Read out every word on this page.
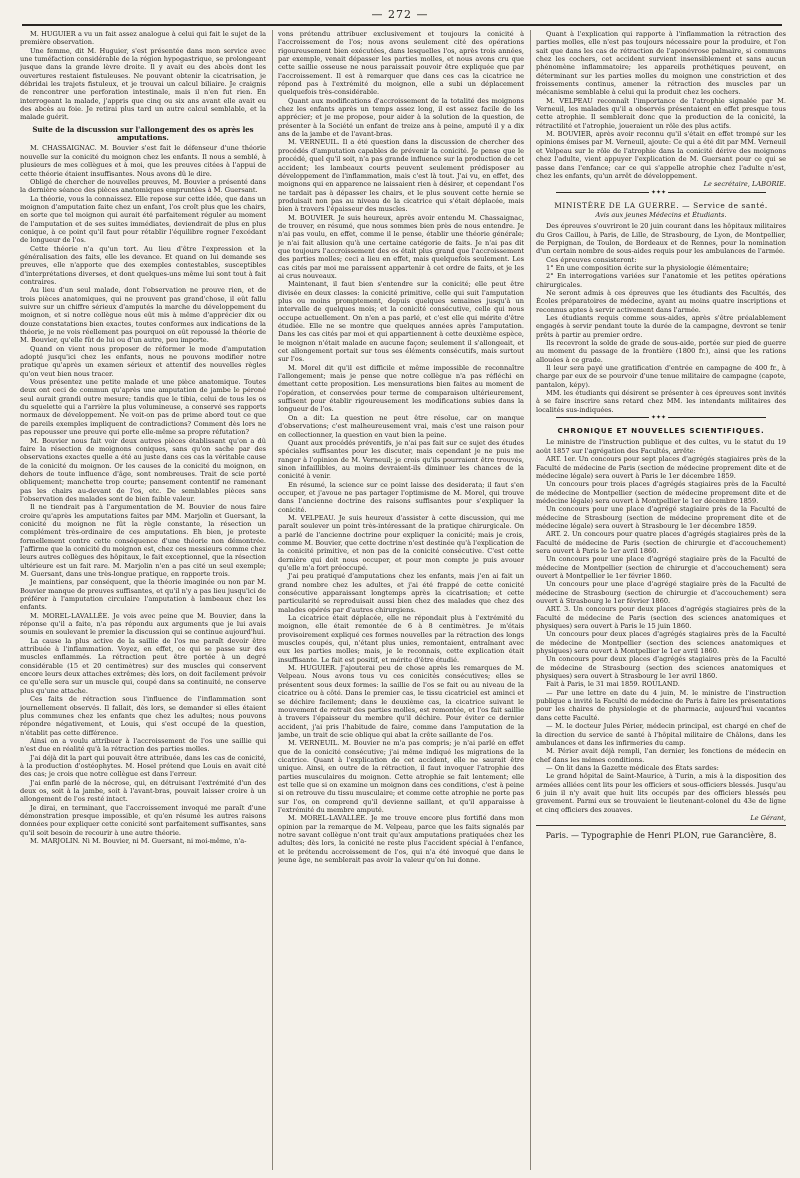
— 272 —

M. HUGUIER a vu un fait assez analogue à celui qui fait le sujet de la première observation.

Une femme, dit M. Huguier, s'est présentée dans mon service avec une tuméfaction considérable de la région hypogastrique, se prolongeant jusque dans la grande lèvre droite. Il y avait eu des abcès dont les ouvertures restaient fistuleuses. Ne pouvant obtenir la cicatrisation, je débridai les trajets fistuleux, et je trouvai un calcul biliaire. Je craignis de rencontrer une perforation intestinale, mais il n'en fut rien. En interrogeant la malade, j'appris que cinq ou six ans avant elle avait eu des abcès au foie. Je retirai plus tard un autre calcul semblable, et la malade guérit.

Suite de la discussion sur l'allongement des os après les amputations.

M. CHASSAIGNAC. M. Bouvier s'est fait le défenseur d'une théorie nouvelle sur la conicité du moignon chez les enfants. Il nous a semblé, à plusieurs de mes collègues et à moi, que les preuves citées à l'appui de cette théorie étaient insuffisantes. Nous avons dû le dire.

Obligé de chercher de nouvelles preuves, M. Bouvier a présenté dans la dernière séance des pièces anatomiques empruntées à M. Guersant.

La théorie, vous la connaissez. Elle repose sur cette idée, que dans un moignon d'amputation faite chez un enfant, l'os croît plus que les chairs, en sorte que tel moignon qui aurait été parfaitement réguler au moment de l'amputation et de ses suites immédiates, deviendrait de plus en plus conique, à ce point qu'il faut pour rétablir l'équilibre rogner l'excédant de longueur de l'os.

Cette théorie n'a qu'un tort. Au lieu d'être l'expression et la généralisation des faits, elle les devance. Et quand on lui demande ses preuves, elle n'apporte que des exemples contestables, susceptibles d'interprétations diverses, et dont quelques-uns même lui sont tout à fait contraires.

Au lieu d'un seul malade, dont l'observation ne prouve rien, et de trois pièces anatomiques, qui ne prouvent pas grand'chose, il eût fallu suivre sur un chiffre sérieux d'amputés la marche du développement du moignon, et si notre collègue nous eût mis à même d'apprécier dix ou douze constatations bien exactes, toutes conformes aux indications de la théorie, je ne vois réellement pas pourquoi on eût repoussé la théorie de M. Bouvier, qu'elle fût de lui ou d'un autre, peu importe.

Quand on vient nous proposer de réformer le mode d'amputation adopté jusqu'ici chez les enfants, nous ne pouvons modifier notre pratique qu'après un examen sérieux et attentif des nouvelles règles qu'on veut bien nous tracer.

Vous présentez une petite malade et une pièce anatomique. Toutes deux ont ceci de commun qu'après une amputation de jambe le péroné seul aurait grandi outre mesure; tandis que le tibia, celui de tous les os du squelette qui a l'arrière la plus volumineuse, a conservé ses rapports normaux de développement. Ne voit-on pas de prime abord tout ce que de pareils exemples impliquent de contradictions? Comment dès lors ne pas repousser une preuve qui porte elle-même sa propre réfutation?

M. Bouvier nous fait voir deux autres pièces établissant qu'on a dû faire la résection de moignons coniques, sans qu'on sache par des observations exactes quelle a été au juste dans ces cas la véritable cause de la conicité du moignon. Or les causes de la conicité du moignon, en dehors de toute influence d'âge, sont nombreuses. Trait de scie porté obliquement; manchette trop courte; pansement contentif ne ramenant pas les chairs au-devant de l'os, etc. De semblables pièces sans l'observation des malades sont de bien faible valeur.

Il ne tiendrait pas à l'argumentation de M. Bouvier de nous faire croire qu'après les amputations faites par MM. Marjolin et Guersant, la conicité du moignon ne fût la règle constante, la résection un complément très-ordinaire de ces amputations. Eh bien, je proteste formellement contre cette conséquence d'une théorie non démontrée. J'affirme que la conicité du moignon est, chez ces messieurs comme chez leurs autres collègues des hôpitaux, le fait exceptionnel, que la résection ultérieure est un fait rare. M. Marjolin n'en a pas cité un seul exemple; M. Guersant, dans une très-longue pratique, en rapporte trois.

Je maintiens, par conséquent, que la théorie imaginée ou non par M. Bouvier manque de preuves suffisantes, et qu'il n'y a pas lieu jusqu'ici de préférer à l'amputation circulaire l'amputation à lambeaux chez les enfants.

M. MOREL-LAVALLÉE. Je vois avec peine que M. Bouvier, dans la réponse qu'il a faite, n'a pas répondu aux arguments que je lui avais soumis en soulevant le premier la discussion qui se continue aujourd'hui.

La cause la plus active de la saillie de l'os me paraît devoir être attribuée à l'inflammation. Voyez, en effet, ce qui se passe sur des muscles enflammés. La rétraction peut être portée à un degré considérable (15 et 20 centimètres) sur des muscles qui conservent encore leurs deux attaches extrêmes; dès lors, on doit facilement prévoir ce qu'elle sera sur un muscle qui, coupé dans sa continuité, ne conserve plus qu'une attache.

Ces faits de rétraction sous l'influence de l'inflammation sont journellement observés. Il fallait, dès lors, se demander si elles étaient plus communes chez les enfants que chez les adultes; nous pouvons répondre négativement, et Louis, qui s'est occupé de la question, n'établit pas cette différence.

Ainsi on a voulu attribuer à l'accroissement de l'os une saillie qui n'est due en réalité qu'à la rétraction des parties molles.

J'ai déjà dit la part qui pouvait être attribuée, dans les cas de conicité, à la production d'ostéophytes. M. Hosel prétend que Louis en avait cité des cas; je crois que notre collègue est dans l'erreur.

J'ai enfin parlé de la nécrose, qui, en détruisant l'extrémité d'un des deux os, soit à la jambe, soit à l'avant-bras, pouvait laisser croire à un allongement de l'os resté intact.

Je dirai, en terminant, que l'accroissement invoqué me paraît d'une démonstration presque impossible, et qu'en résumé les autres raisons données pour expliquer cette conicité sont parfaitement suffisantes, sans qu'il soit besoin de recourir à une autre théorie.

M. MARJOLIN. Ni M. Bouvier, ni M. Guersant, ni moi-même, n'a-

vons prétendu attribuer exclusivement et toujours la conicité à l'accroissement de l'os; nous avons seulement cité des opérations rigoureusement bien exécutées, dans lesquelles l'os, après trois années, par exemple, venait dépasser les parties molles, et nous avons cru que cette saillie osseuse ne nous paraissait pouvoir être expliquée que par l'accroissement. Il est à remarquer que dans ces cas la cicatrice ne répond pas à l'extrémité du moignon, elle a subi un déplacement quelquefois très-considérable.

Quant aux modifications d'accroissement de la totalité des moignons chez les enfants après un temps assez long, il est assez facile de les apprécier; et je me propose, pour aider à la solution de la question, de présenter à la Société un enfant de treize ans à peine, amputé il y a dix ans de la jambe et de l'avant-bras.

M. VERNEUIL. Il a été question dans la discussion de chercher des procédés d'amputation capables de prévenir la conicité. Je pense que le procédé, quel qu'il soit, n'a pas grande influence sur la production de cet accident; les lambeaux courts peuvent seulement prédisposer au développement de l'inflammation, mais c'est là tout. J'ai vu, en effet, des moignons qui en apparence ne laissaient rien à désirer, et cependant l'os ne tardait pas à dépasser les chairs, et le plus souvent cette hernie se produisait non pas au niveau de la cicatrice qui s'était déplacée, mais bien à travers l'épaisseur des muscles.

M. BOUVIER. Je suis heureux, après avoir entendu M. Chassaignac, de trouver, en résumé, que nous sommes bien près de nous entendre. Je n'ai pas voulu, en effet, comme il le pense, établir une théorie générale; je n'ai fait allusion qu'à une certaine catégorie de faits. Je n'ai pas dit que toujours l'accroissement des os était plus grand que l'accroissement des parties molles; ceci a lieu en effet, mais quelquefois seulement. Les cas cités par moi me paraissent appartenir à cet ordre de faits, et je les ai crus nouveaux.

Maintenant, il faut bien s'entendre sur la conicité; elle peut être divisée en deux classes: la conicité primitive, celle qui suit l'amputation plus ou moins promptement, depuis quelques semaines jusqu'à un intervalle de quelques mois; et la conicité consécutive, celle qui nous occupe actuellement. On n'en a pas parlé, et c'est elle qui mérite d'être étudiée. Elle ne se montre que quelques années après l'amputation. Dans les cas cités par moi et qui appartiennent à cette deuxième espèce, le moignon n'était malade en aucune façon; seulement il s'allongeait, et cet allongement portait sur tous ses éléments consécutifs, mais surtout sur l'os.

M. Morel dit qu'il est difficile et même impossible de reconnaître l'allongement; mais je pense que notre collègue n'a pas réfléchi en émettant cette proposition. Les mensurations bien faites au moment de l'opération, et conservées pour terme de comparaison ultérieurement, suffisent pour établir rigoureusement les modifications subies dans la longueur de l'os.

On a dit: La question ne peut être résolue, car on manque d'observations; c'est malheureusement vrai, mais c'est une raison pour en collectionner, la question en vaut bien la peine.

Quant aux procédés préventifs, je n'ai pas fait sur ce sujet des études spéciales suffisantes pour les discuter, mais cependant je ne puis me ranger à l'opinion de M. Verneuil; je crois qu'ils pourraient être trouvés, sinon infaillibles, au moins devraient-ils diminuer les chances de la conicité à venir.

En résumé, la science sur ce point laisse des desiderata; il faut s'en occuper, et j'avoue ne pas partager l'optimisme de M. Morel, qui trouve dans l'ancienne doctrine des raisons suffisantes pour s'expliquer la conicité.

M. VELPEAU. Je suis heureux d'assister à cette discussion, qui me paraît soulever un point très-intéressant de la pratique chirurgicale. On a parlé de l'ancienne doctrine pour expliquer la conicité; mais je crois, comme M. Bouvier, que cette doctrine n'est destinée qu'à l'explication de la conicité primitive, et non pas de la conicité consécutive. C'est cette dernière qui doit nous occuper, et pour mon compte je puis avouer qu'elle m'a fort préoccupé.

J'ai peu pratiqué d'amputations chez les enfants, mais j'en ai fait un grand nombre chez les adultes, et j'ai été frappé de cette conicité consécutive apparaissant longtemps après la cicatrisation; et cette particularité se reproduisait aussi bien chez des malades que chez des malades opérés par d'autres chirurgiens.

La cicatrice était déplacée, elle ne répondait plus à l'extrémité du moignon, elle était remontée de 6 à 8 centimètres. Je m'étais provisoirement expliqué ces formes nouvelles par la rétraction des longs muscles coupés, qui, n'étant plus unies, remontaient, entraînant avec eux les parties molles; mais, je le reconnais, cette explication était insuffisante. Le fait est positif, et mérite d'être étudié.

M. HUGUIER. J'ajouterai peu de chose après les remarques de M. Velpeau. Nous avons tous vu ces conicités consécutives; elles se présentent sous deux formes: la saillie de l'os se fait ou au niveau de la cicatrice ou à côté. Dans le premier cas, le tissu cicatriciel est aminci et se déchire facilement; dans le deuxième cas, la cicatrice suivant le mouvement de retrait des parties molles, est remontée, et l'os fait saillie à travers l'épaisseur du membre qu'il déchire. Pour éviter ce dernier accident, j'ai pris l'habitude de faire, comme dans l'amputation de la jambe, un trait de scie oblique qui abat la crête saillante de l'os.

M. VERNEUIL. M. Bouvier ne m'a pas compris; je n'ai parlé en effet que de la conicité consécutive; j'ai même indiqué les migrations de la cicatrice. Quant à l'explication de cet accident, elle ne saurait être unique. Ainsi, en outre de la rétraction, il faut invoquer l'atrophie des parties musculaires du moignon. Cette atrophie se fait lentement; elle est telle que si on examine un moignon dans ces conditions, c'est à peine si on retrouve du tissu musculaire; et comme cette atrophie ne porte pas sur l'os, on comprend qu'il devienne saillant, et qu'il apparaisse à l'extrémité du membre amputé.

M. MOREL-LAVALLÉE. Je me trouve encore plus fortifié dans mon opinion par la remarque de M. Velpeau, parce que les faits signalés par notre savant collègue n'ont trait qu'aux amputations pratiquées chez les adultes; dès lors, la conicité ne reste plus l'accident spécial à l'enfance, et le prétendu accroissement de l'os, qui n'a été invoqué que dans le jeune âge, ne semblerait pas avoir la valeur qu'on lui donne.

Quant à l'explication qui rapporte à l'inflammation la rétraction des parties molles, elle n'est pas toujours nécessaire pour la produire, et l'on sait que dans les cas de rétraction de l'aponévrose palmaire, si communs chez les cochers, cet accident survient insensiblement et sans aucun phénomène inflammatoire; les appareils prothétiques peuvent, en déterminant sur les parties molles du moignon une constriction et des froissements continus, amener la rétraction des muscles par un mécanisme semblable à celui qui la produit chez les cochers.

M. VELPEAU reconnaît l'importance de l'atrophie signalée par M. Verneuil, les malades qu'il a observés présentaient en effet presque tous cette atrophie. Il semblerait donc que la production de la conicité, la rétractilité et l'atrophie, joueraient un rôle des plus actifs.

M. BOUVIER, après avoir reconnu qu'il s'était en effet trompé sur les opinions émises par M. Verneuil, ajoute: Ce qui a été dit par MM. Verneuil et Velpeau sur le rôle de l'atrophie dans la conicité dérive des moignons chez l'adulte, vient appuyer l'explication de M. Guersant pour ce qui se passe dans l'enfance; car ce qui s'appelle atrophie chez l'adulte n'est, chez les enfants, qu'un arrêt de développement.

Le secrétaire, LABORIE.

✦✦✦
MINISTÈRE DE LA GUERRE. — Service de santé.
Avis aux jeunes Médecins et Étudiants.

Des épreuves s'ouvriront le 20 juin courant dans les hôpitaux militaires du Gros Caillou, à Paris, de Lille, de Strasbourg, de Lyon, de Montpellier, de Perpignan, de Toulon, de Bordeaux et de Rennes, pour la nomination d'un certain nombre de sous-aides requis pour les ambulances de l'armée.

Ces épreuves consisteront:

1° En une composition écrite sur la physiologie élémentaire;

2° En interrogations variées sur l'anatomie et les petites opérations chirurgicales.

Ne seront admis à ces épreuves que les étudiants des Facultés, des Écoles préparatoires de médecine, ayant au moins quatre inscriptions et reconnus aptes à servir activement dans l'armée.

Les étudiants requis comme sous-aides, après s'être préalablement engagés à servir pendant toute la durée de la campagne, devront se tenir prêts à partir au premier ordre.

Ils recevront la solde de grade de sous-aide, portée sur pied de guerre au moment du passage de la frontière (1800 fr.), ainsi que les rations allouées à ce grade.

Il leur sera payé une gratification d'entrée en campagne de 400 fr., à charge par eux de se pourvoir d'une tenue militaire de campagne (capote, pantalon, képy).

MM. les étudiants qui désirent se présenter à ces épreuves sont invités à se faire inscrire sans retard chez MM. les intendants militaires des localités sus-indiquées.

✦✦✦
CHRONIQUE ET NOUVELLES SCIENTIFIQUES.

Le ministre de l'instruction publique et des cultes, vu le statut du 19 août 1857 sur l'agrégation des Facultés, arrête:

ART. 1er. Un concours pour sept places d'agrégés stagiaires près de la Faculté de médecine de Paris (section de médecine proprement dite et de médecine légale) sera ouvert à Paris le 1er décembre 1859.

Un concours pour trois places d'agrégés stagiaires près de la Faculté de médecine de Montpellier (section de médecine proprement dite et de médecine légale) sera ouvert à Montpellier le 1er décembre 1859.

Un concours pour une place d'agrégé stagiaire près de la Faculté de médecine de Strasbourg (section de médecine proprement dite et de médecine légale) sera ouvert à Strasbourg le 1er décembre 1859.

ART. 2. Un concours pour quatre places d'agrégés stagiaires près de la Faculté de médecine de Paris (section de chirurgie et d'accouchement) sera ouvert à Paris le 1er avril 1860.

Un concours pour une place d'agrégé stagiaire près de la Faculté de médecine de Montpellier (section de chirurgie et d'accouchement) sera ouvert à Montpellier le 1er février 1860.

Un concours pour une place d'agrégé stagiaire près de la Faculté de médecine de Strasbourg (section de chirurgie et d'accouchement) sera ouvert à Strasbourg le 1er février 1860.

ART. 3. Un concours pour deux places d'agrégés stagiaires près de la Faculté de médecine de Paris (section des sciences anatomiques et physiques) sera ouvert à Paris le 15 juin 1860.

Un concours pour deux places d'agrégés stagiaires près de la Faculté de médecine de Montpellier (section des sciences anatomiques et physiques) sera ouvert à Montpellier le 1er avril 1860.

Un concours pour deux places d'agrégés stagiaires près de la Faculté de médecine de Strasbourg (section des sciences anatomiques et physiques) sera ouvert à Strasbourg le 1er avril 1860.

Fait à Paris, le 31 mai 1859. ROULAND.

— Par une lettre en date du 4 juin, M. le ministre de l'instruction publique a invité la Faculté de médecine de Paris à faire les présentations pour les chaires de physiologie et de pharmacie, aujourd'hui vacantes dans cette Faculté.

— M. le docteur Jules Périer, médecin principal, est chargé en chef de la direction du service de santé à l'hôpital militaire de Châlons, dans les ambulances et dans les infirmeries du camp.

M. Périer avait déjà rempli, l'an dernier, les fonctions de médecin en chef dans les mêmes conditions.

— On lit dans la Gazette médicale des États sardes:

Le grand hôpital de Saint-Maurice, à Turin, a mis à la disposition des armées alliées cent lits pour les officiers et sous-officiers blessés. Jusqu'au 6 juin il n'y avait que huit lits occupés par des officiers blessés peu gravement. Parmi eux se trouvaient le lieutenant-colonel du 43e de ligne et cinq officiers des zouaves.

Le Gérant,

Paris. — Typographie de Henri PLON, rue Garancière, 8.
